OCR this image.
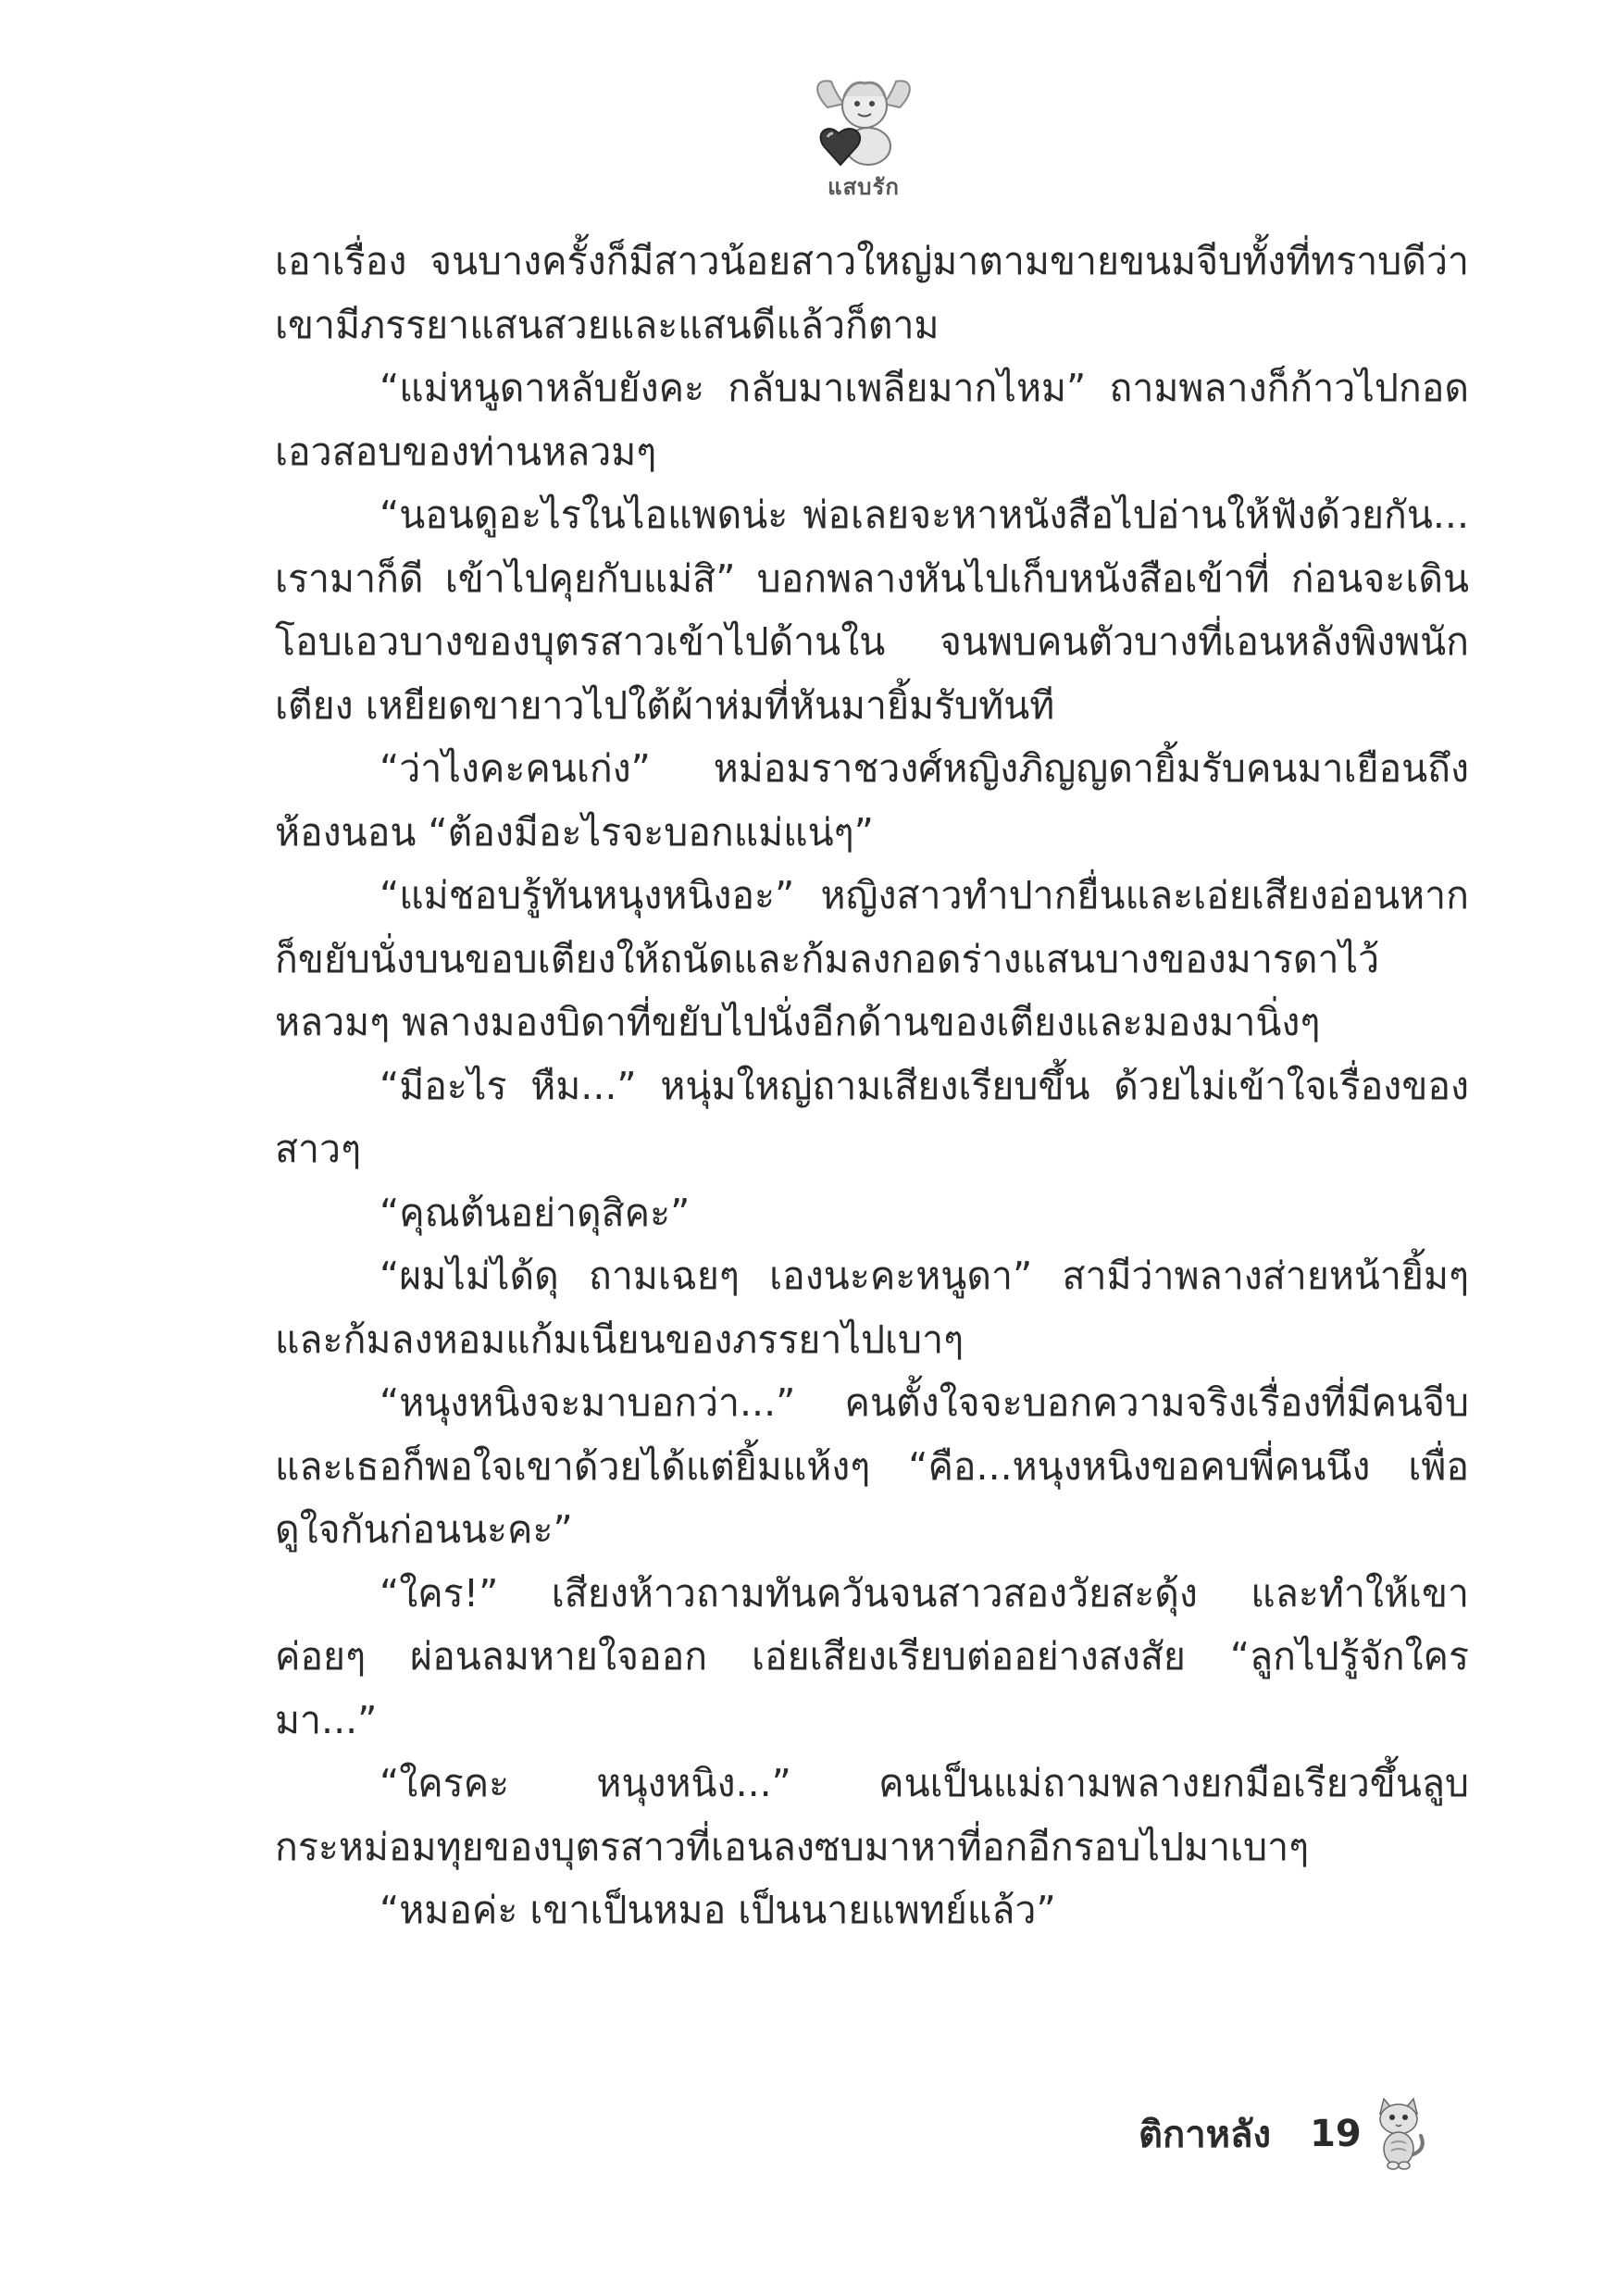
แสบรัก

เอาเรื่อง จนบางครั้งก็มีสาวน้อยสาวใหญ่มาตามขายขนมจีบทั้งที่ทราบดีว่าเขามีภรรยาแสนสวยและแสนดีแล้วก็ตาม

“แม่หนูดาหลับยังคะ กลับมาเพลียมากไหม” ถามพลางก็ก้าวไปกอดเอวสอบของท่านหลวมๆ

“นอนดูอะไรในไอแพดน่ะ พ่อเลยจะหาหนังสือไปอ่านให้ฟังด้วยกัน... เรามาก็ดี เข้าไปคุยกับแม่สิ” บอกพลางหันไปเก็บหนังสือเข้าที่ ก่อนจะเดินโอบเอวบางของบุตรสาวเข้าไปด้านใน จนพบคนตัวบางที่เอนหลังพิงพนักเตียง เหยียดขายาวไปใต้ผ้าห่มที่หันมายิ้มรับทันที

“ว่าไงคะคนเก่ง” หม่อมราชวงศ์หญิงภิญญดายิ้มรับคนมาเยือนถึงห้องนอน “ต้องมีอะไรจะบอกแม่แน่ๆ”

“แม่ชอบรู้ทันหนุงหนิงอะ” หญิงสาวทำปากยื่นและเอ่ยเสียงอ่อนหากก็ขยับนั่งบนขอบเตียงให้ถนัดและก้มลงกอดร่างแสนบางของมารดาไว้หลวมๆ พลางมองบิดาที่ขยับไปนั่งอีกด้านของเตียงและมองมานิ่งๆ

“มีอะไร หืม...” หนุ่มใหญ่ถามเสียงเรียบขึ้น ด้วยไม่เข้าใจเรื่องของสาวๆ

“คุณต้นอย่าดุสิคะ”

“ผมไม่ได้ดุ ถามเฉยๆ เองนะคะหนูดา” สามีว่าพลางส่ายหน้ายิ้มๆ และก้มลงหอมแก้มเนียนของภรรยาไปเบาๆ

“หนุงหนิงจะมาบอกว่า...” คนตั้งใจจะบอกความจริงเรื่องที่มีคนจีบและเธอก็พอใจเขาด้วยได้แต่ยิ้มแห้งๆ “คือ...หนุงหนิงขอคบพี่คนนึง เพื่อดูใจกันก่อนนะคะ”

“ใคร!” เสียงห้าวถามทันควันจนสาวสองวัยสะดุ้ง และทำให้เขาค่อยๆ ผ่อนลมหายใจออก เอ่ยเสียงเรียบต่ออย่างสงสัย “ลูกไปรู้จักใครมา...”

“ใครคะ หนุงหนิง...” คนเป็นแม่ถามพลางยกมือเรียวขึ้นลูบกระหม่อมทุยของบุตรสาวที่เอนลงซบมาหาที่อกอีกรอบไปมาเบาๆ

“หมอค่ะ เขาเป็นหมอ เป็นนายแพทย์แล้ว”

ติกาหลัง 19
